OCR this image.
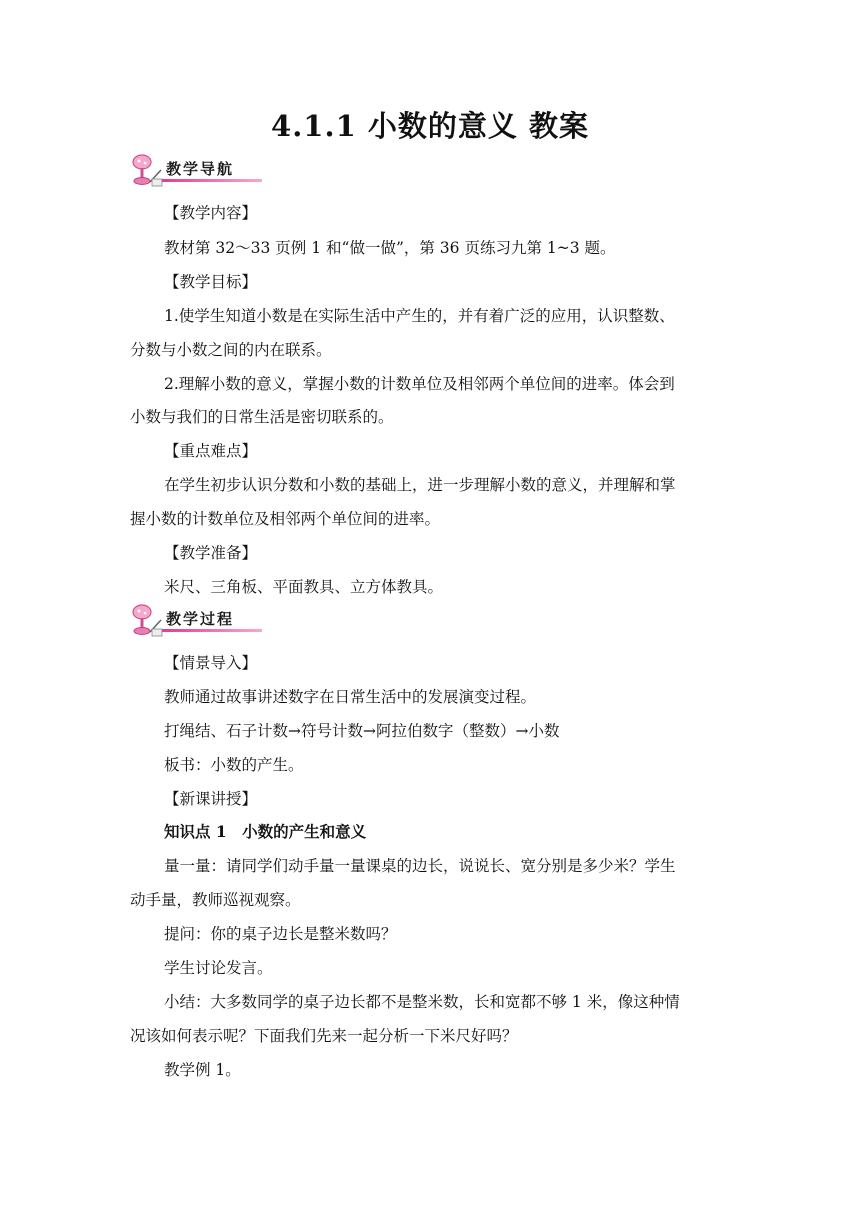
4.1.1 小数的意义 教案
教学导航
【教学内容】
教材第 32～33 页例 1 和“做一做”，第 36 页练习九第 1~3 题。
【教学目标】
1.使学生知道小数是在实际生活中产生的，并有着广泛的应用，认识整数、
分数与小数之间的内在联系。
2.理解小数的意义，掌握小数的计数单位及相邻两个单位间的进率。体会到
小数与我们的日常生活是密切联系的。
【重点难点】
在学生初步认识分数和小数的基础上，进一步理解小数的意义，并理解和掌
握小数的计数单位及相邻两个单位间的进率。
【教学准备】
米尺、三角板、平面教具、立方体教具。
教学过程
【情景导入】
教师通过故事讲述数字在日常生活中的发展演变过程。
打绳结、石子计数→符号计数→阿拉伯数字（整数）→小数
板书：小数的产生。
【新课讲授】
知识点 1　小数的产生和意义
量一量：请同学们动手量一量课桌的边长，说说长、宽分别是多少米？学生
动手量，教师巡视观察。
提问：你的桌子边长是整米数吗？
学生讨论发言。
小结：大多数同学的桌子边长都不是整米数，长和宽都不够 1 米，像这种情
况该如何表示呢？下面我们先来一起分析一下米尺好吗？
教学例 1。
